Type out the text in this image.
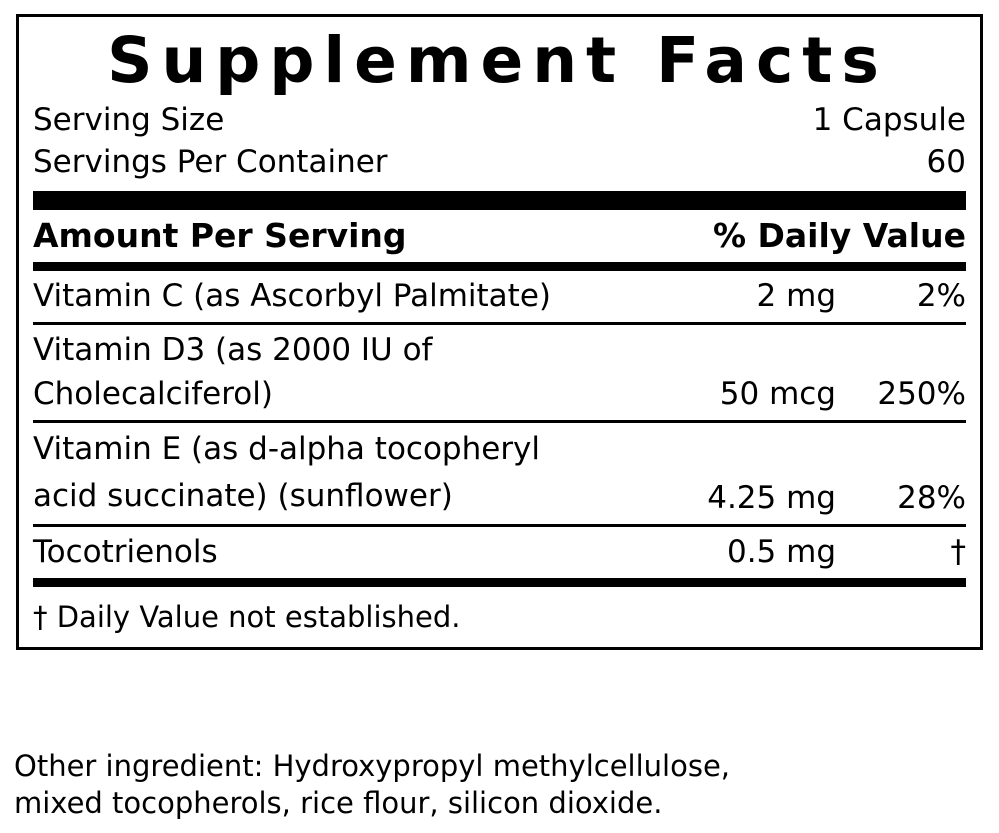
Supplement Facts
Serving Size	1 Capsule
Servings Per Container	60
Amount Per Serving	% Daily Value
Vitamin C (as Ascorbyl Palmitate)	2 mg	2%
Vitamin D3 (as 2000 IU of Cholecalciferol)	50 mcg	250%
Vitamin E (as d-alpha tocopheryl
acid succinate) (sunflower)	4.25 mg	28%
Tocotrienols	0.5 mg	†
† Daily Value not established.
Other ingredient: Hydroxypropyl methylcellulose,
mixed tocopherols, rice flour, silicon dioxide.
